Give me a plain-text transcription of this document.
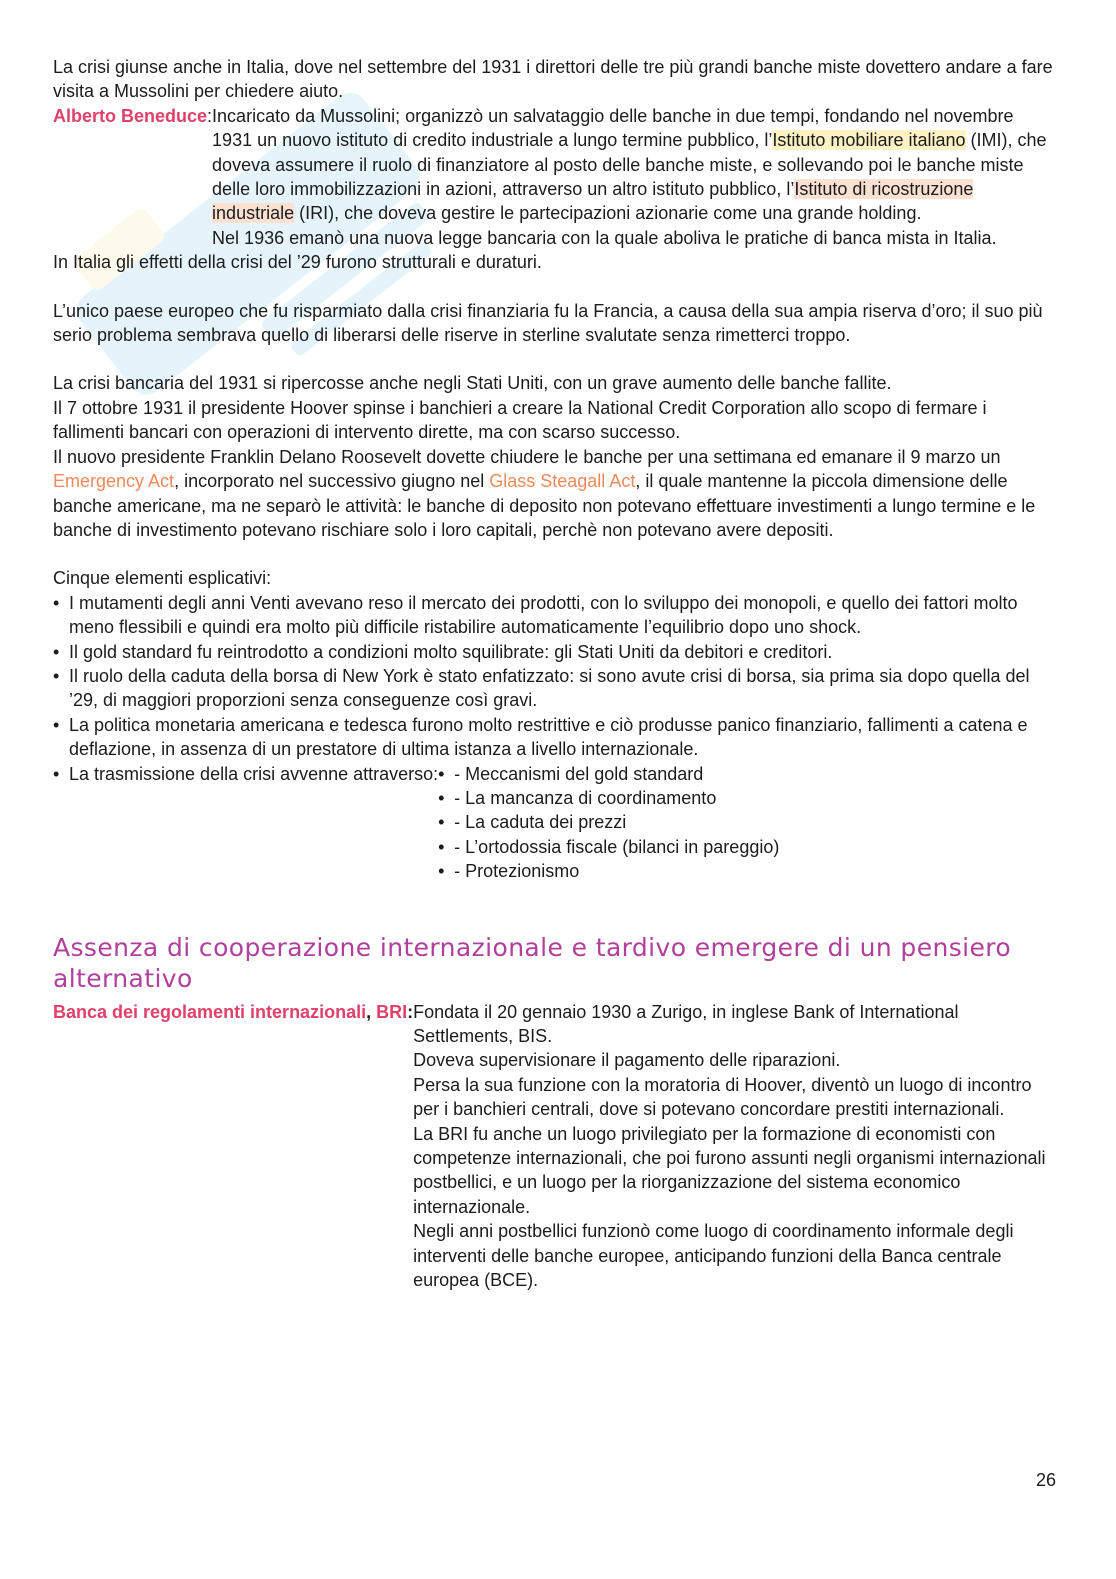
La crisi giunse anche in Italia, dove nel settembre del 1931 i direttori delle tre più grandi banche miste dovettero andare a fare visita a Mussolini per chiedere aiuto.

Alberto Beneduce: Incaricato da Mussolini; organizzò un salvataggio delle banche in due tempi, fondando nel novembre 1931 un nuovo istituto di credito industriale a lungo termine pubblico, l’Istituto mobiliare italiano (IMI), che doveva assumere il ruolo di finanziatore al posto delle banche miste, e sollevando poi le banche miste delle loro immobilizzazioni in azioni, attraverso un altro istituto pubblico, l’Istituto di ricostruzione industriale (IRI), che doveva gestire le partecipazioni azionarie come una grande holding.

Nel 1936 emanò una nuova legge bancaria con la quale aboliva le pratiche di banca mista in Italia.

In Italia gli effetti della crisi del ’29 furono strutturali e duraturi.

L’unico paese europeo che fu risparmiato dalla crisi finanziaria fu la Francia, a causa della sua ampia riserva d’oro; il suo più serio problema sembrava quello di liberarsi delle riserve in sterline svalutate senza rimetterci troppo.

La crisi bancaria del 1931 si ripercosse anche negli Stati Uniti, con un grave aumento delle banche fallite.

Il 7 ottobre 1931 il presidente Hoover spinse i banchieri a creare la National Credit Corporation allo scopo di fermare i fallimenti bancari con operazioni di intervento dirette, ma con scarso successo.

Il nuovo presidente Franklin Delano Roosevelt dovette chiudere le banche per una settimana ed emanare il 9 marzo un Emergency Act, incorporato nel successivo giugno nel Glass Steagall Act, il quale mantenne la piccola dimensione delle banche americane, ma ne separò le attività: le banche di deposito non potevano effettuare investimenti a lungo termine e le banche di investimento potevano rischiare solo i loro capitali, perchè non potevano avere depositi.

Cinque elementi esplicativi:

• I mutamenti degli anni Venti avevano reso il mercato dei prodotti, con lo sviluppo dei monopoli, e quello dei fattori molto meno flessibili e quindi era molto più difficile ristabilire automaticamente l’equilibrio dopo uno shock.
• Il gold standard fu reintrodotto a condizioni molto squilibrate: gli Stati Uniti da debitori e creditori.
• Il ruolo della caduta della borsa di New York è stato enfatizzato: si sono avute crisi di borsa, sia prima sia dopo quella del ’29, di maggiori proporzioni senza conseguenze così gravi.
• La politica monetaria americana e tedesca furono molto restrittive e ciò produsse panico finanziario, fallimenti a catena e deflazione, in assenza di un prestatore di ultima istanza a livello internazionale.
• La trasmissione della crisi avvenne attraverso:
• - Meccanismi del gold standard
• - La mancanza di coordinamento
• - La caduta dei prezzi
• - L’ortodossia fiscale (bilanci in pareggio)
• - Protezionismo
Assenza di cooperazione internazionale e tardivo emergere di un pensiero alternativo
Banca dei regolamenti internazionali, BRI: Fondata il 20 gennaio 1930 a Zurigo, in inglese Bank of International Settlements, BIS.

Doveva supervisionare il pagamento delle riparazioni.

Persa la sua funzione con la moratoria di Hoover, diventò un luogo di incontro per i banchieri centrali, dove si potevano concordare prestiti internazionali.

La BRI fu anche un luogo privilegiato per la formazione di economisti con competenze internazionali, che poi furono assunti negli organismi internazionali postbellici, e un luogo per la riorganizzazione del sistema economico internazionale.

Negli anni postbellici funzionò come luogo di coordinamento informale degli interventi delle banche europee, anticipando funzioni della Banca centrale europea (BCE).

26
